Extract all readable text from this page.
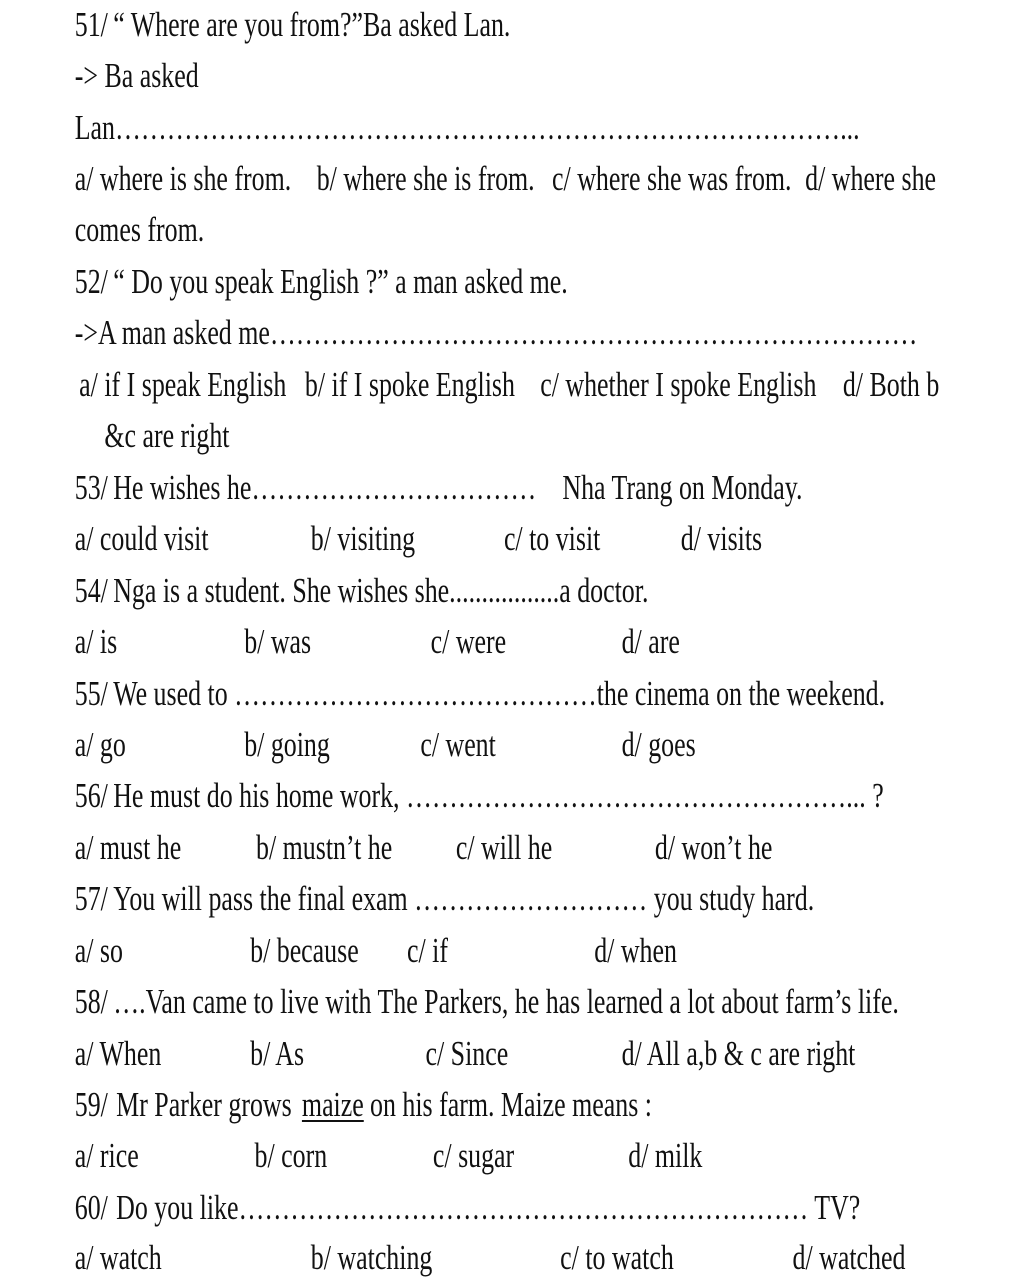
51/ “ Where are you from?”Ba asked Lan.
-> Ba asked
Lan…………………………………………………………………………...
a/ where is she from. b/ where she is from. c/ where she was from. d/ where she
comes from.
52/ “ Do you speak English ?” a man asked me.
->A man asked me…………………………………………………………………
a/ if I speak English b/ if I spoke English c/ whether I spoke English d/ Both b
&c are right
53/ He wishes he…………………………… Nha Trang on Monday.
a/ could visit	b/ visiting	c/ to visit d/ visits
54/ Nga is a student. She wishes she.................a doctor.
a/ is	b/ was	c/ were	d/ are
55/ We used to ……………………………………the cinema on the weekend.
a/ go	b/ going	c/ went	d/ goes
56/ He must do his home work, ……………………………………………... ?
a/ must he b/ mustn’t he c/ will he	d/ won’t he
57/ You will pass the final exam ……………………… you study hard.
a/ so	b/ because c/ if	d/ when
58/ ….Van came to live with The Parkers, he has learned a lot about farm’s life.
a/ When	b/ As	c/ Since	d/ All a,b & c are right
59/ Mr Parker grows maize on his farm. Maize means :
a/ rice	b/ corn	c/ sugar	d/ milk
60/ Do you like………………………………………………………… TV?
a/ watch	b/ watching	c/ to watch	d/ watched
